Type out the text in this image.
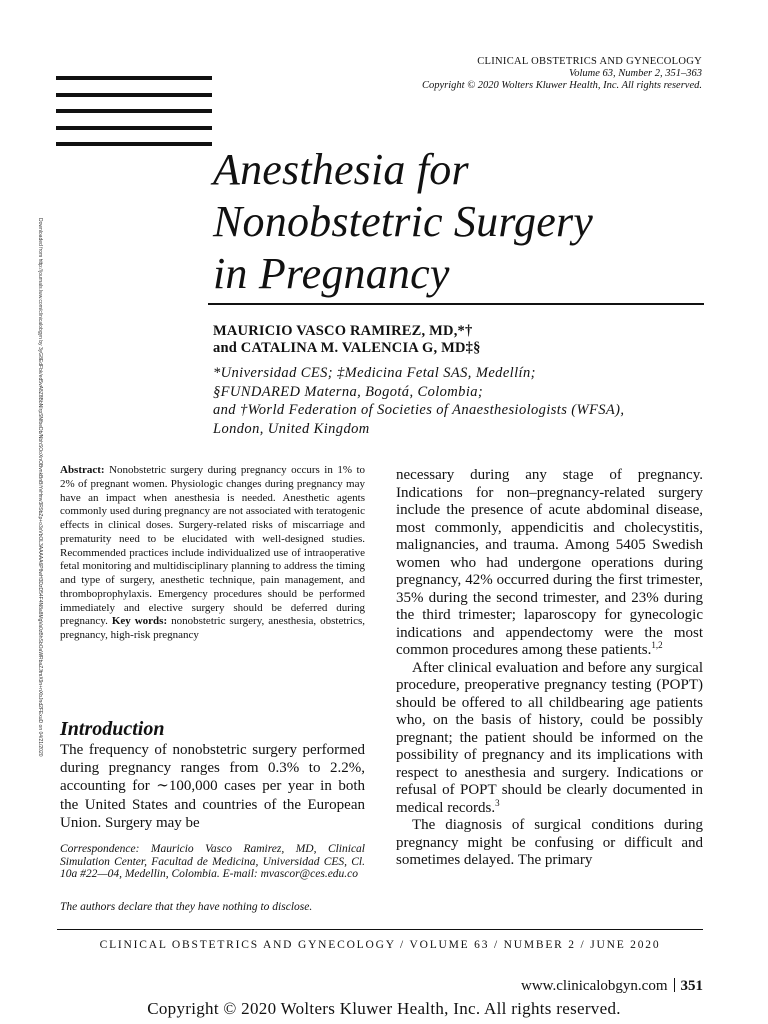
CLINICAL OBSTETRICS AND GYNECOLOGY
Volume 63, Number 2, 351–363
Copyright © 2020 Wolters Kluwer Health, Inc. All rights reserved.
Anesthesia for
Nonobstetric Surgery
in Pregnancy
MAURICIO VASCO RAMIREZ, MD,*†
and CATALINA M. VALENCIA G, MD‡§
*Universidad CES; ‡Medicina Fetal SAS, Medellín;
§FUNDARED Materna, Bogotá, Colombia;
and †World Federation of Societies of Anaesthesiologists (WFSA),
London, United Kingdom
Downloaded from http://journals.lww.com/clinicalobgyn by 3yG8EdFbk/ed5vA8Z8BbNIrpSNfbeDb/NbhSOoXnOBvnkBnBiYvHmv3R9bZp+o3xVbOL3AAAAA6P8wH3DzD54F4N8a8MgVa0zBhSbOaWRbaZJtmX9n+nXbJnd2FExuD on 04/21/2020 Abstract: Nonobstetric surgery during pregnancy occurs in 1% to 2% of pregnant women. Physiologic changes during pregnancy may have an impact when anesthesia is needed. Anesthetic agents commonly used during pregnancy are not associated with teratogenic effects in clinical doses. Surgery-related risks of miscarriage and prematurity need to be elucidated with well-designed studies. Recommended practices include individualized use of intraoperative fetal monitoring and multidisciplinary planning to address the timing and type of surgery, anesthetic technique, pain management, and thromboprophylaxis. Emergency procedures should be performed immediately and elective surgery should be deferred during pregnancy. Key words: nonobstetric surgery, anesthesia, obstetrics, pregnancy, high-risk pregnancy
Introduction
The frequency of nonobstetric surgery performed during pregnancy ranges from 0.3% to 2.2%, accounting for ∼100,000 cases per year in both the United States and countries of the European Union. Surgery may be
Correspondence: Mauricio Vasco Ramirez, MD, Clinical Simulation Center, Facultad de Medicina, Universidad CES, Cl. 10a #22—04, Medellin, Colombia. E-mail: mvascor@ces.edu.co
The authors declare that they have nothing to disclose.

necessary during any stage of pregnancy. Indications for non–pregnancy-related surgery include the presence of acute abdominal disease, most commonly, appendicitis and cholecystitis, malignancies, and trauma. Among 5405 Swedish women who had undergone operations during pregnancy, 42% occurred during the first trimester, 35% during the second trimester, and 23% during the third trimester; laparoscopy for gynecologic indications and appendectomy were the most common procedures among these patients.$^{1,2}$

After clinical evaluation and before any surgical procedure, preoperative pregnancy testing (POPT) should be offered to all childbearing age patients who, on the basis of history, could be possibly pregnant; the patient should be informed on the possibility of pregnancy and its implications with respect to anesthesia and surgery. Indications or refusal of POPT should be clearly documented in medical records.$^3$

The diagnosis of surgical conditions during pregnancy might be confusing or difficult and sometimes delayed. The primary

CLINICAL OBSTETRICS AND GYNECOLOGY / VOLUME 63 / NUMBER 2 / JUNE 2020
www.clinicalobgyn.com 351
Copyright © 2020 Wolters Kluwer Health, Inc. All rights reserved.
